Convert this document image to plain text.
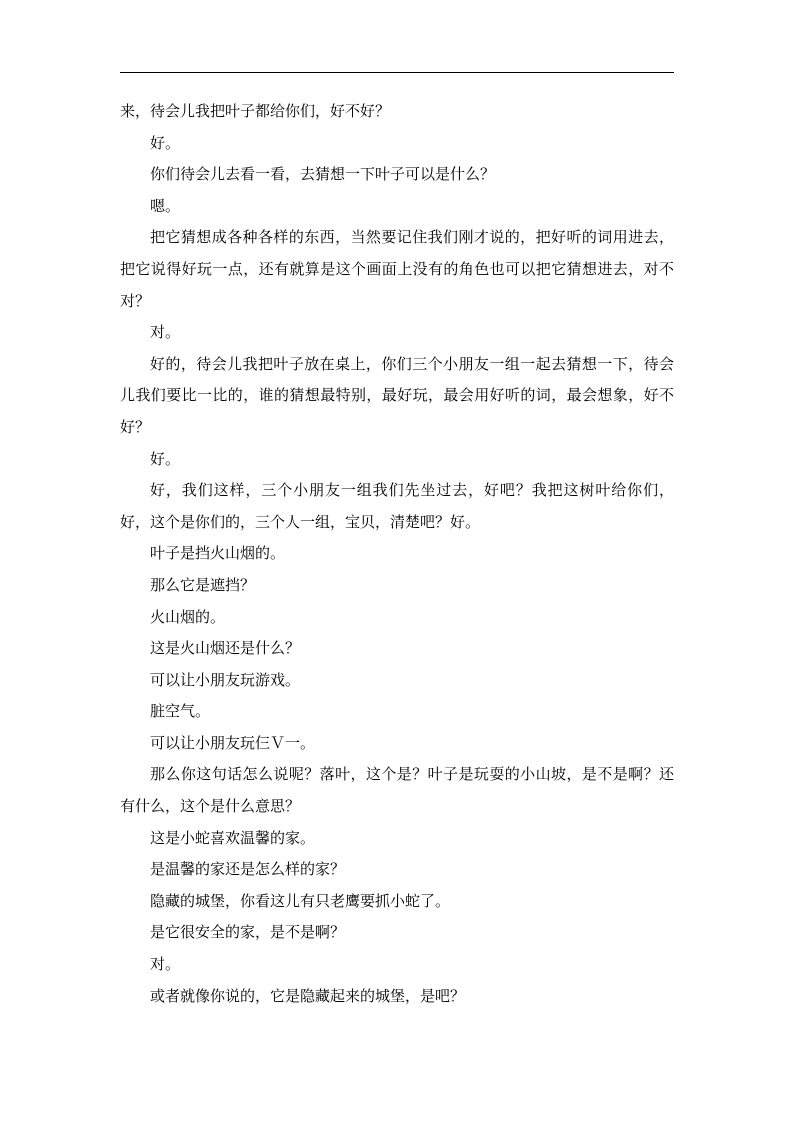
来，待会儿我把叶子都给你们，好不好？

好。

你们待会儿去看一看，去猜想一下叶子可以是什么？

嗯。

把它猜想成各种各样的东西，当然要记住我们刚才说的，把好听的词用进去，把它说得好玩一点，还有就算是这个画面上没有的角色也可以把它猜想进去，对不对？

对。

好的，待会儿我把叶子放在桌上，你们三个小朋友一组一起去猜想一下，待会儿我们要比一比的，谁的猜想最特别，最好玩，最会用好听的词，最会想象，好不好？

好。

好，我们这样，三个小朋友一组我们先坐过去，好吧？我把这树叶给你们，好，这个是你们的，三个人一组，宝贝，清楚吧？好。

叶子是挡火山烟的。

那么它是遮挡？

火山烟的。

这是火山烟还是什么？

可以让小朋友玩游戏。

脏空气。

可以让小朋友玩仨Ｖ一。

那么你这句话怎么说呢？落叶，这个是？叶子是玩耍的小山坡，是不是啊？还有什么，这个是什么意思？

这是小蛇喜欢温馨的家。

是温馨的家还是怎么样的家？

隐藏的城堡，你看这儿有只老鹰要抓小蛇了。

是它很安全的家，是不是啊？

对。

或者就像你说的，它是隐藏起来的城堡，是吧？
